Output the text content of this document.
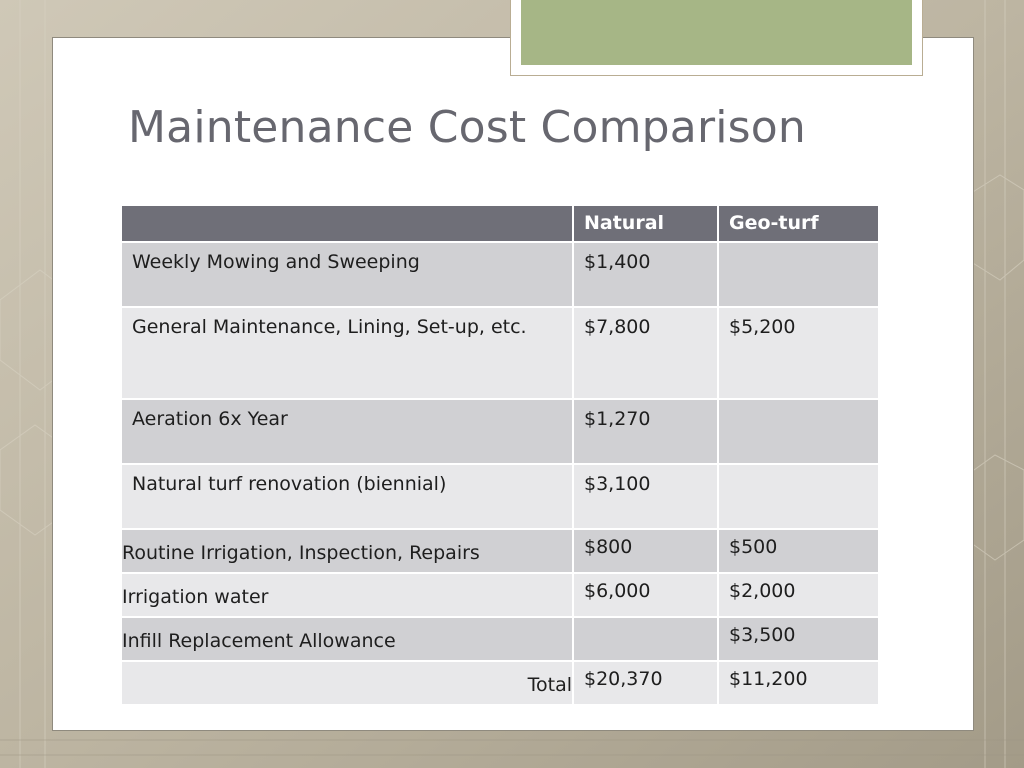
Maintenance Cost Comparison
	Natural	Geo-turf
Weekly Mowing and Sweeping	$1,400	
General Maintenance, Lining, Set-up, etc.	$7,800	$5,200
Aeration 6x Year	$1,270	
Natural turf renovation (biennial)	$3,100	
Routine Irrigation, Inspection, Repairs	$800	$500
Irrigation water	$6,000	$2,000
Infill Replacement Allowance		$3,500
Total	$20,370	$11,200
